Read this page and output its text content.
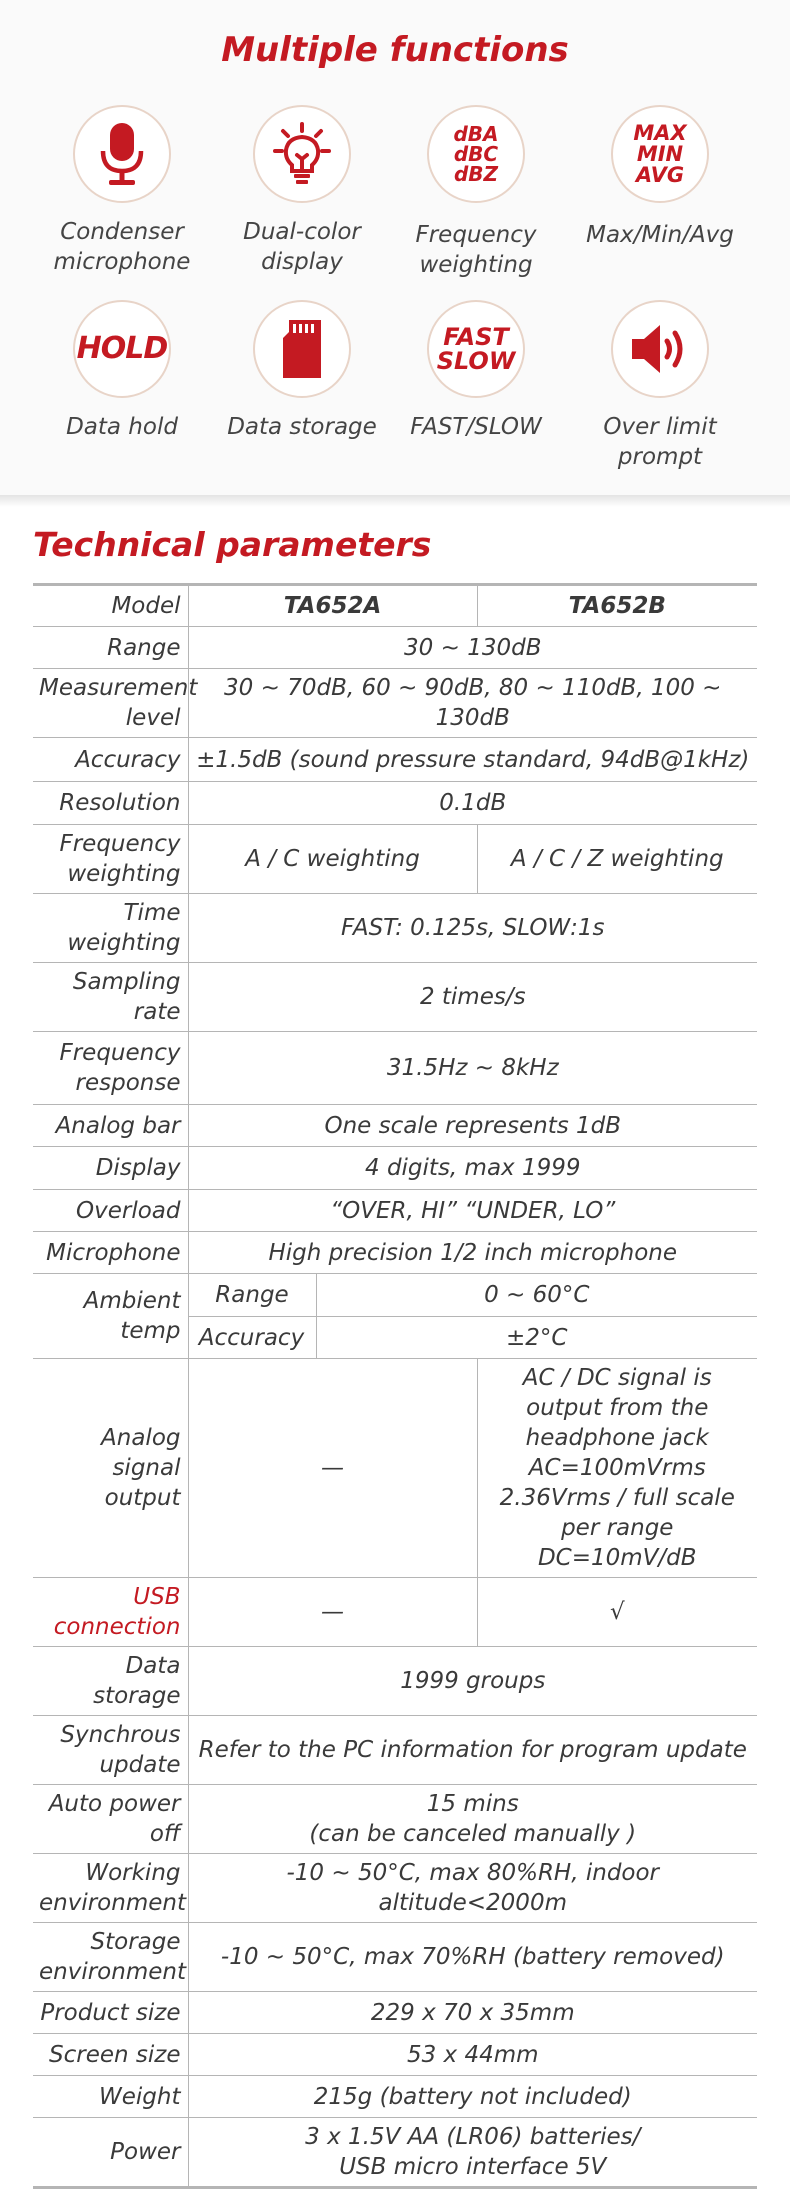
Multiple functions
Condenser microphone
Dual-color display
dBA
dBC
dBZ
Frequency weighting
MAX
MIN
AVG
Max/Min/Avg
HOLD
Data hold	Data storage
FAST
SLOW
FAST/SLOW	Over limit prompt
Technical parameters
Model	TA652A		TA652B
Range	30 ~ 130dB		
Measurement level	30 ~ 70dB, 60 ~ 90dB, 80 ~ 110dB, 100 ~ 130dB		
Accuracy	±1.5dB (sound pressure standard, 94dB@1kHz)		
Resolution	0.1dB		
Frequency weighting	A / C weighting		A / C / Z weighting
Time weighting	FAST: 0.125s, SLOW:1s		
Sampling rate	2 times/s		
Frequency response	31.5Hz ~ 8kHz		
Analog bar	One scale represents 1dB		
Display	4 digits, max 1999		
Overload	“OVER, HI” “UNDER, LO”		
Microphone	High precision 1/2 inch microphone		
Ambient temp	Range	0 ~ 60°C	
	Accuracy	±2°C	
Analog signal output	—		AC / DC signal is output from the headphone jack AC=100mVrms 2.36Vrms / full scale per range DC=10mV/dB
USB connection	—		√
Data storage	1999 groups		
Synchrous update	Refer to the PC information for program update		
Auto power off	15 mins
(can be canceled manually )		

Working environment	-10 ~ 50°C, max 80%RH, indoor altitude<2000m		
Storage environment	-10 ~ 50°C, max 70%RH (battery removed)		
Product size	229 x 70 x 35mm		
Screen size	53 x 44mm		
Weight	215g (battery not included)		
Power	3 x 1.5V AA (LR06) batteries/
USB micro interface 5V		
